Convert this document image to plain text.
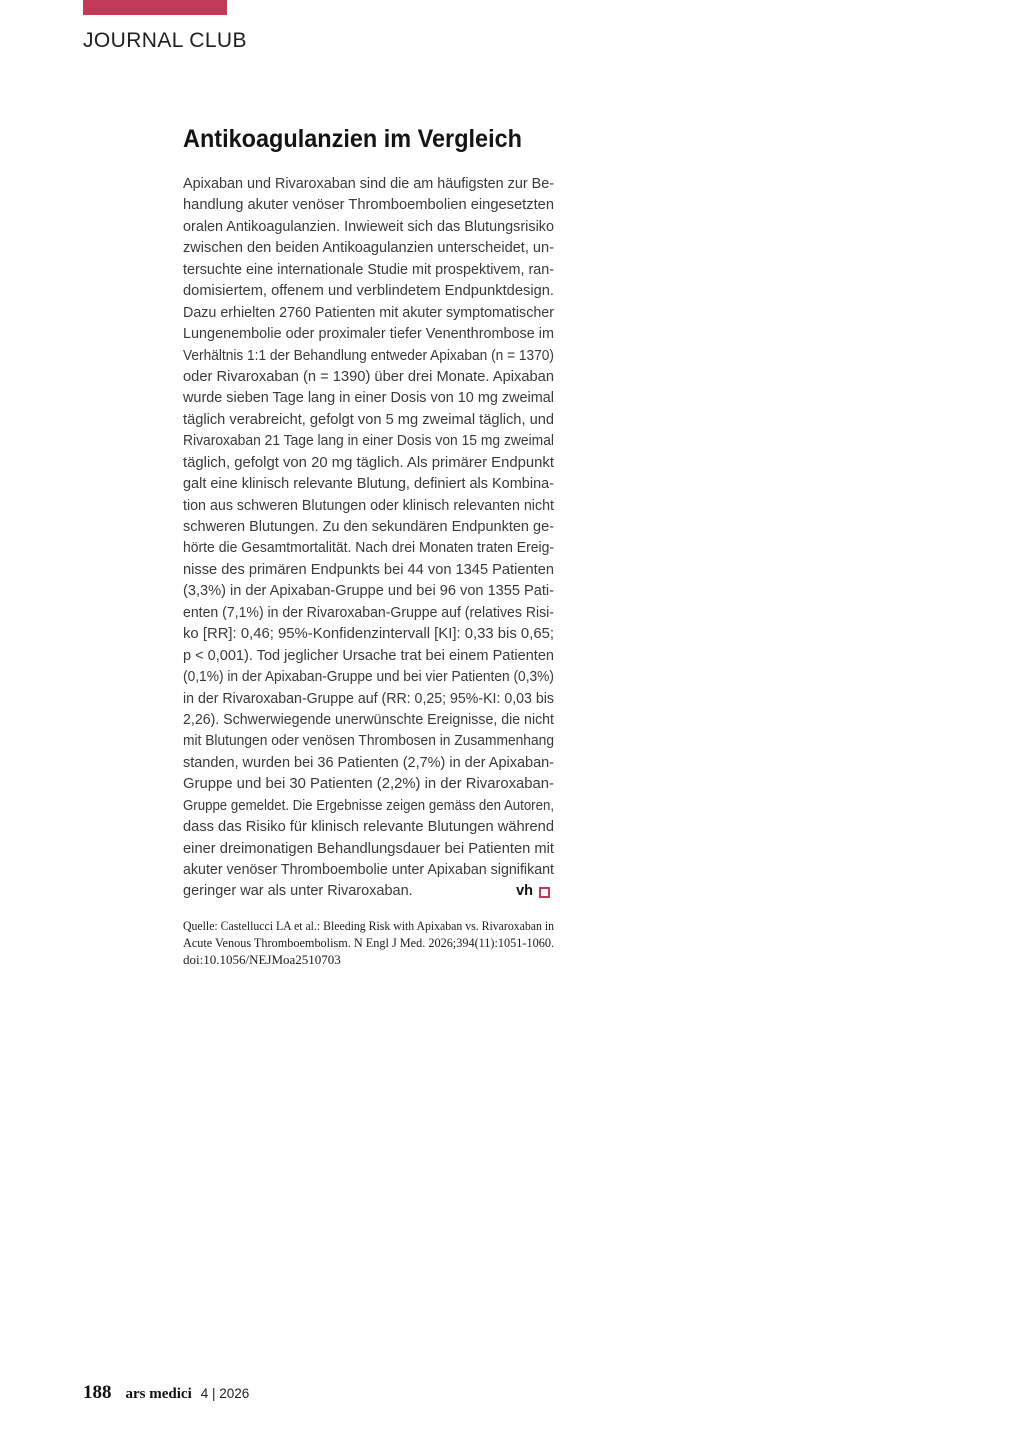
JOURNAL CLUB
Antikoagulanzien im Vergleich
Apixaban und Rivaroxaban sind die am häufigsten zur Be-
handlung akuter venöser Thromboembolien eingesetzten
oralen Antikoagulanzien. Inwieweit sich das Blutungsrisiko
zwischen den beiden Antikoagulanzien unterscheidet, un-
tersuchte eine internationale Studie mit prospektivem, ran-
domisiertem, offenem und verblindetem Endpunktdesign.
Dazu erhielten 2760 Patienten mit akuter symptomatischer
Lungenembolie oder proximaler tiefer Venenthrombose im
Verhältnis 1:1 der Behandlung entweder Apixaban (n = 1370)
oder Rivaroxaban (n = 1390) über drei Monate. Apixaban
wurde sieben Tage lang in einer Dosis von 10 mg zweimal
täglich verabreicht, gefolgt von 5 mg zweimal täglich, und
Rivaroxaban 21 Tage lang in einer Dosis von 15 mg zweimal
täglich, gefolgt von 20 mg täglich. Als primärer Endpunkt
galt eine klinisch relevante Blutung, definiert als Kombina-
tion aus schweren Blutungen oder klinisch relevanten nicht
schweren Blutungen. Zu den sekundären Endpunkten ge-
hörte die Gesamtmortalität. Nach drei Monaten traten Ereig-
nisse des primären Endpunkts bei 44 von 1345 Patienten
(3,3%) in der Apixaban-Gruppe und bei 96 von 1355 Pati-
enten (7,1%) in der Rivaroxaban-Gruppe auf (relatives Risi-
ko [RR]: 0,46; 95%-Konfidenzintervall [KI]: 0,33 bis 0,65;
p < 0,001). Tod jeglicher Ursache trat bei einem Patienten
(0,1%) in der Apixaban-Gruppe und bei vier Patienten (0,3%)
in der Rivaroxaban-Gruppe auf (RR: 0,25; 95%-KI: 0,03 bis
2,26). Schwerwiegende unerwünschte Ereignisse, die nicht
mit Blutungen oder venösen Thrombosen in Zusammenhang
standen, wurden bei 36 Patienten (2,7%) in der Apixaban-
Gruppe und bei 30 Patienten (2,2%) in der Rivaroxaban-
Gruppe gemeldet. Die Ergebnisse zeigen gemäss den Autoren,
dass das Risiko für klinisch relevante Blutungen während
einer dreimonatigen Behandlungsdauer bei Patienten mit
akuter venöser Thromboembolie unter Apixaban signifikant
geringer war als unter Rivaroxaban.	vh
Quelle: Castellucci LA et al.: Bleeding Risk with Apixaban vs. Rivaroxaban in
Acute Venous Thromboembolism. N Engl J Med. 2026;394(11):1051-1060.
doi:10.1056/NEJMoa2510703
188 ars medici 4 | 2026
